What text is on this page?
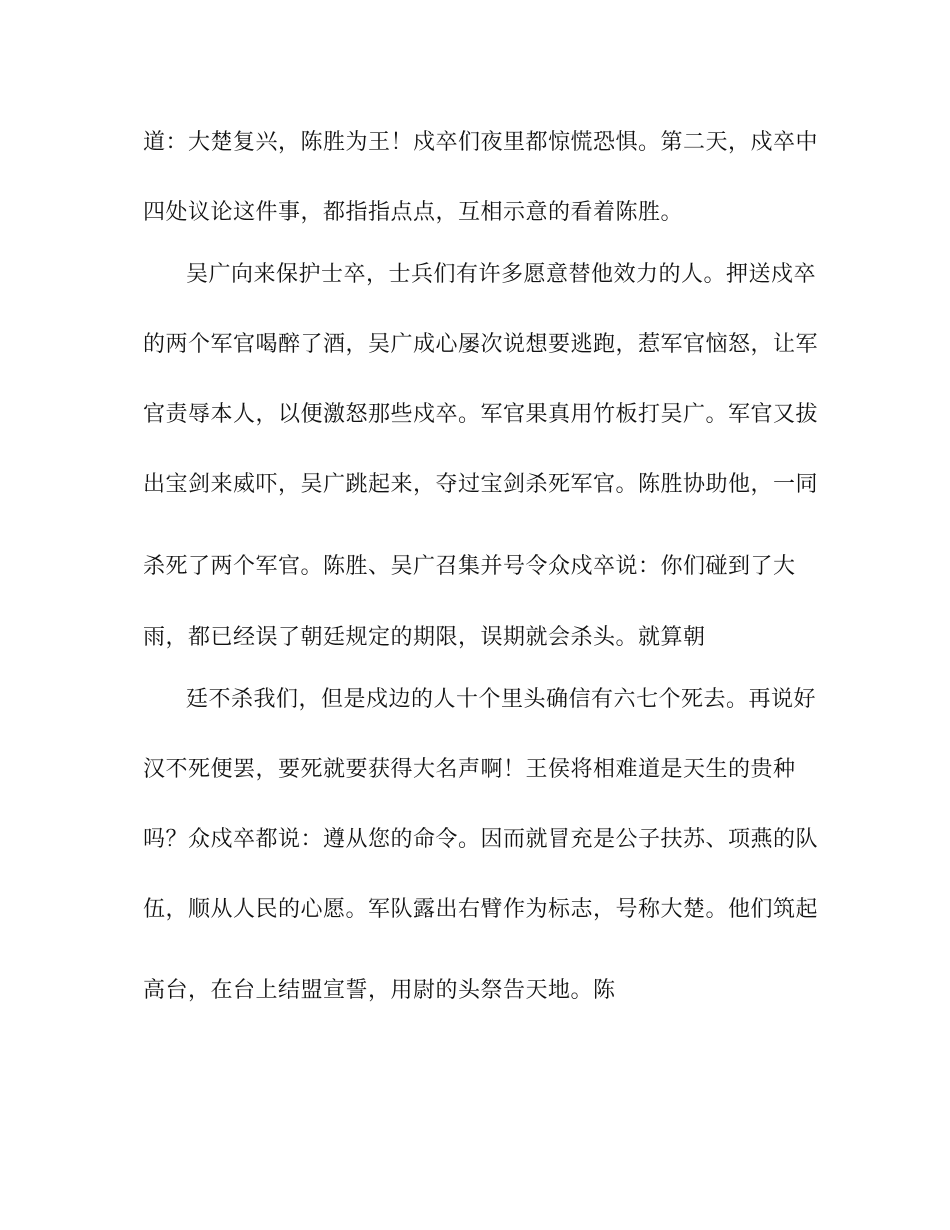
道：大楚复兴，陈胜为王！戍卒们夜里都惊慌恐惧。第二天，戍卒中

四处议论这件事，都指指点点，互相示意的看着陈胜。

吴广向来保护士卒，士兵们有许多愿意替他效力的人。押送戍卒

的两个军官喝醉了酒，吴广成心屡次说想要逃跑，惹军官恼怒，让军

官责辱本人，以便激怒那些戍卒。军官果真用竹板打吴广。军官又拔

出宝剑来威吓，吴广跳起来，夺过宝剑杀死军官。陈胜协助他，一同

杀死了两个军官。陈胜、吴广召集并号令众戍卒说：你们碰到了大

雨，都已经误了朝廷规定的期限，误期就会杀头。就算朝

廷不杀我们，但是戍边的人十个里头确信有六七个死去。再说好

汉不死便罢，要死就要获得大名声啊！王侯将相难道是天生的贵种

吗？众戍卒都说：遵从您的命令。因而就冒充是公子扶苏、项燕的队

伍，顺从人民的心愿。军队露出右臂作为标志，号称大楚。他们筑起

高台，在台上结盟宣誓，用尉的头祭告天地。陈
